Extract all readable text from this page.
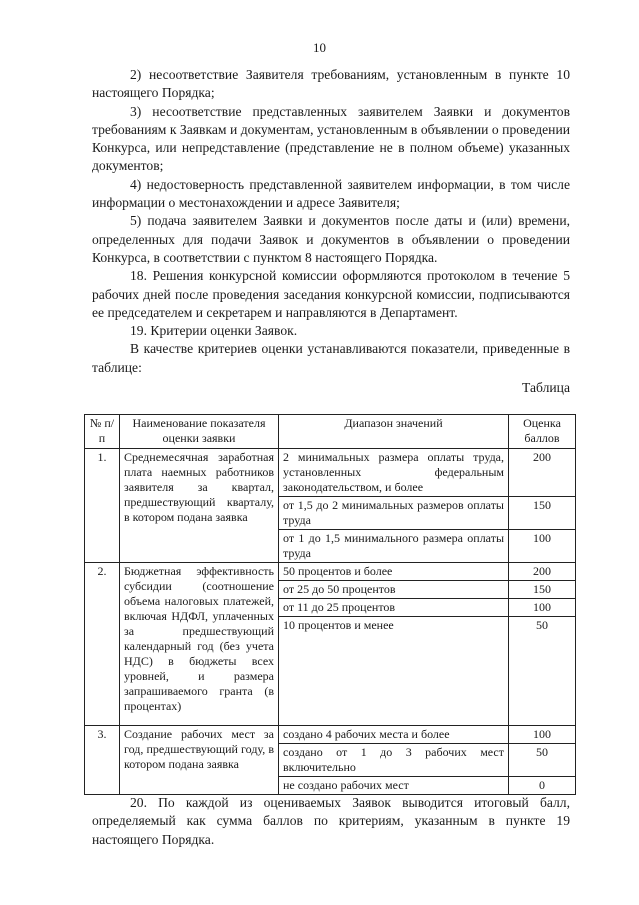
10

2) несоответствие Заявителя требованиям, установленным в пункте 10 настоящего Порядка;

3) несоответствие представленных заявителем Заявки и документов требованиям к Заявкам и документам, установленным в объявлении о проведении Конкурса, или непредставление (представление не в полном объеме) указанных документов;

4) недостоверность представленной заявителем информации, в том числе информации о местонахождении и адресе Заявителя;

5) подача заявителем Заявки и документов после даты и (или) времени, определенных для подачи Заявок и документов в объявлении о проведении Конкурса, в соответствии с пунктом 8 настоящего Порядка.

18. Решения конкурсной комиссии оформляются протоколом в течение 5 рабочих дней после проведения заседания конкурсной комиссии, подписываются ее председателем и секретарем и направляются в Департамент.

19. Критерии оценки Заявок.

В качестве критериев оценки устанавливаются показатели, приведенные в таблице:

Таблица

№ п/п	Наименование показателя оценки заявки	Диапазон значений	Оценка баллов
1.	Среднемесячная заработная плата наемных работников заявителя за квартал, предшествующий кварталу, в котором подана заявка	2 минимальных размера оплаты труда, установленных федеральным законодательством, и более	200
		от 1,5 до 2 минимальных размеров оплаты труда	150
		от 1 до 1,5 минимального размера оплаты труда	100
2.	Бюджетная эффективность субсидии (соотношение объема налоговых платежей, включая НДФЛ, уплаченных за предшествующий календарный год (без учета НДС) в бюджеты всех уровней, и размера запрашиваемого гранта (в процентах)	50 процентов и более	200
		от 25 до 50 процентов	150
		от 11 до 25 процентов	100
		10 процентов и менее	50
3.	Создание рабочих мест за год, предшествующий году, в котором подана заявка	создано 4 рабочих места и более	100
		создано от 1 до 3 рабочих мест включительно	50
		не создано рабочих мест	0

20. По каждой из оцениваемых Заявок выводится итоговый балл, определяемый как сумма баллов по критериям, указанным в пункте 19 настоящего Порядка.
